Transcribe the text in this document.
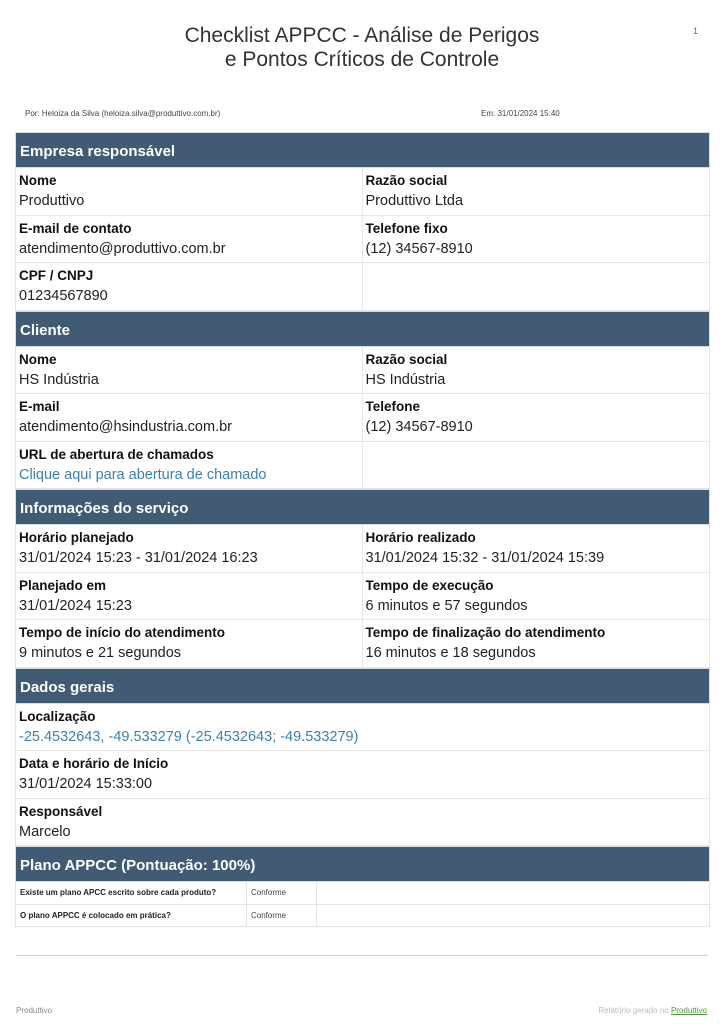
1
Checklist APPCC - Análise de Perigos e Pontos Críticos de Controle
Por: Heloiza da Silva (heloiza.silva@produttivo.com.br)	Em: 31/01/2024 15:40
Empresa responsável
Nome
Produttivo
Razão social
Produttivo Ltda
E-mail de contato
atendimento@produttivo.com.br
Telefone fixo
(12) 34567-8910
CPF / CNPJ
01234567890
Cliente
Nome
HS Indústria
Razão social
HS Indústria
E-mail
atendimento@hsindustria.com.br
Telefone
(12) 34567-8910
URL de abertura de chamados
Clique aqui para abertura de chamado
Informações do serviço
Horário planejado
31/01/2024 15:23 - 31/01/2024 16:23
Horário realizado
31/01/2024 15:32 - 31/01/2024 15:39
Planejado em
31/01/2024 15:23
Tempo de execução
6 minutos e 57 segundos
Tempo de início do atendimento
9 minutos e 21 segundos
Tempo de finalização do atendimento
16 minutos e 18 segundos
Dados gerais
Localização
-25.4532643, -49.533279 (-25.4532643; -49.533279)
Data e horário de Início
31/01/2024 15:33:00
Responsável
Marcelo
Plano APPCC (Pontuação: 100%)
Existe um plano APCC escrito sobre cada produto?	Conforme	
O plano APPCC é colocado em prática?	Conforme	
Produttivo	Relatório gerado no Produttivo
